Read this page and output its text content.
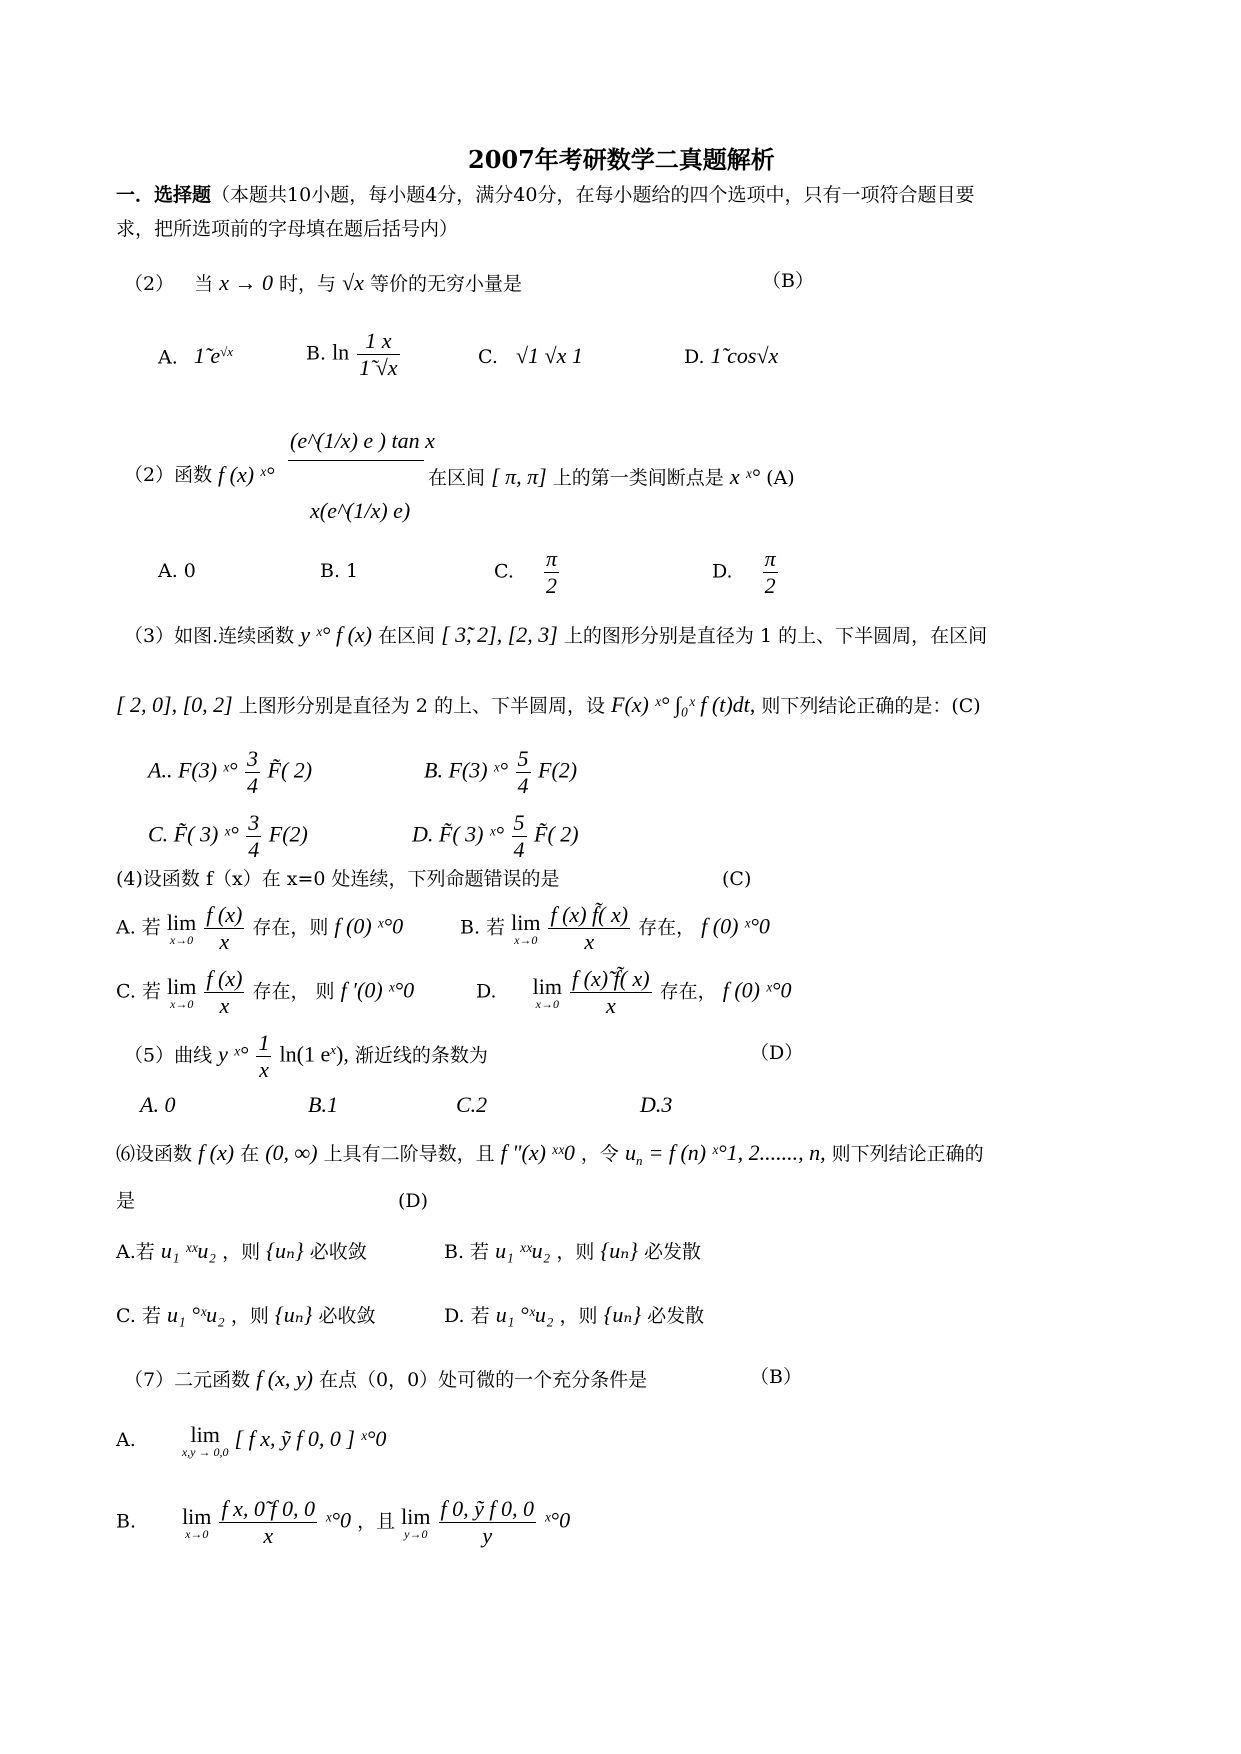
2007年考研数学二真题解析
一．选择题（本题共10小题，每小题4分，满分40分，在每小题给的四个选项中，只有一项符合题目要
求，把所选项前的字母填在题后括号内）
（2） 当 x → 0 时，与 √x 等价的无穷小量是	（B）
A. 1̃ $e^{√x}$	B. $\ln \frac{1 x}{1̃ √x}$	C. √1 √x 1	D. 1̃ cos√x
（2）函数 f (x) ˣ°
(e^(1/x) e ) tan x
x(e^(1/x) e)
在区间 [ π, π] 上的第一类间断点是 x ˣ° (A)
A. 0	B. 1	C. $\frac{\pi}{2}$	D. $\frac{\pi}{2}$
（3）如图.连续函数 y ˣ° f (x) 在区间 [ 3̃, 2], [2, 3] 上的图形分别是直径为 1 的上、下半圆周，在区间
[ 2, 0], [0, 2] 上图形分别是直径为 2 的上、下半圆周，设 F(x) ˣ° ∫₀ˣ f (t)dt, 则下列结论正确的是：(C)
A.. F(3) ˣ° $\frac{3}{4}$ F̃( 2)	B. F(3) ˣ° $\frac{5}{4} F(2)$
C. F̃( 3) ˣ° $\frac{3}{4} F(2)$	D. F̃( 3) ˣ° $\frac{5}{4}$ F̃( 2)
(4)设函数 f（x）在 x=0 处连续，下列命题错误的是	(C)
A. 若 lim
x→0
$\frac{f (x)}{x}$ 存在，则 f (0) ˣ°0	B. 若 lim
x→0
$\frac{f (x) f̃( x)}{x}$ 存在， f (0) ˣ°0
C. 若 lim
x→0
$\frac{f (x)}{x}$ 存在， 则 f ′(0) ˣ°0	D. lim
x→0
$\frac{f (x)̃ f̃( x)}{x}$ 存在， f (0) ˣ°0
（5）曲线 y ˣ° $\frac{1}{x} \ln(1$ $e^x$), 渐近线的条数为	（D）
A. 0	B.1	C.2	D.3
⑹设函数 f (x) 在 (0, ∞) 上具有二阶导数，且 f "(x) ˣˣ0 ，令 $u_n = f$ (n) ˣ°1, 2......., n, 则下列结论正确的
是	(D)
A.若 u₁ ˣˣu₂ ，则 {uₙ} 必收敛	B. 若 u₁ ˣˣu₂ ，则 {uₙ} 必发散
C. 若 u₁ °ˣu₂ ，则 {uₙ} 必收敛	D. 若 u₁ °ˣu₂ ，则 {uₙ} 必发散
（7）二元函数 f (x, y) 在点（0，0）处可微的一个充分条件是	（B）
A.	lim
x,y → 0,0
[ f x, ỹ f 0, 0 ] ˣ°0
B. lim
x→0
$\frac{\text{f x, 0̃ f 0, 0}}{x}$ ˣ°0 ，且 lim
y→0
$\frac{\text{f 0, ỹ f 0, 0}}{y}$ ˣ°0
